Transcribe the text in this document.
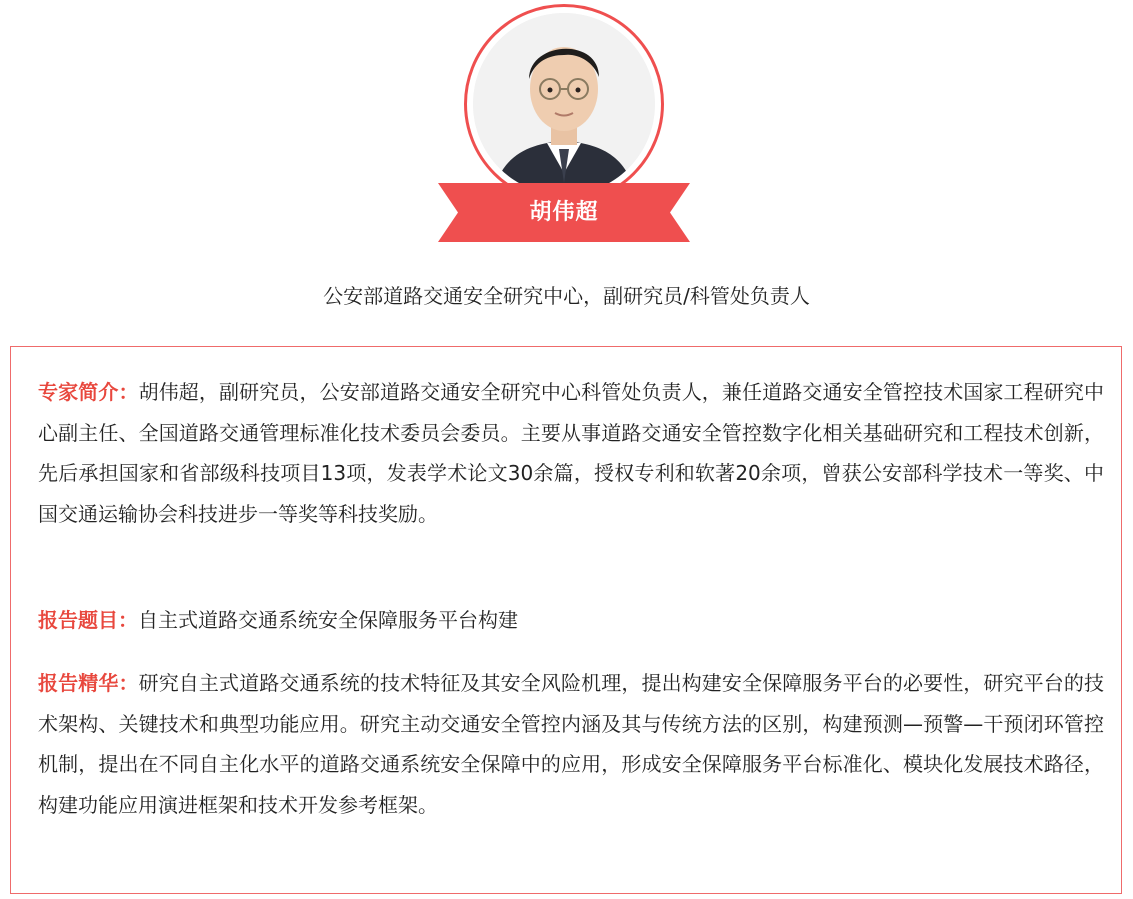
胡伟超
公安部道路交通安全研究中心，副研究员/科管处负责人
专家简介：胡伟超，副研究员，公安部道路交通安全研究中心科管处负责人，兼任道路交通安全管控技术国家工程研究中心副主任、全国道路交通管理标准化技术委员会委员。主要从事道路交通安全管控数字化相关基础研究和工程技术创新，先后承担国家和省部级科技项目13项，发表学术论文30余篇，授权专利和软著20余项，曾获公安部科学技术一等奖、中国交通运输协会科技进步一等奖等科技奖励。
报告题目：自主式道路交通系统安全保障服务平台构建
报告精华：研究自主式道路交通系统的技术特征及其安全风险机理，提出构建安全保障服务平台的必要性，研究平台的技术架构、关键技术和典型功能应用。研究主动交通安全管控内涵及其与传统方法的区别，构建预测—预警—干预闭环管控机制，提出在不同自主化水平的道路交通系统安全保障中的应用，形成安全保障服务平台标准化、模块化发展技术路径，构建功能应用演进框架和技术开发参考框架。
